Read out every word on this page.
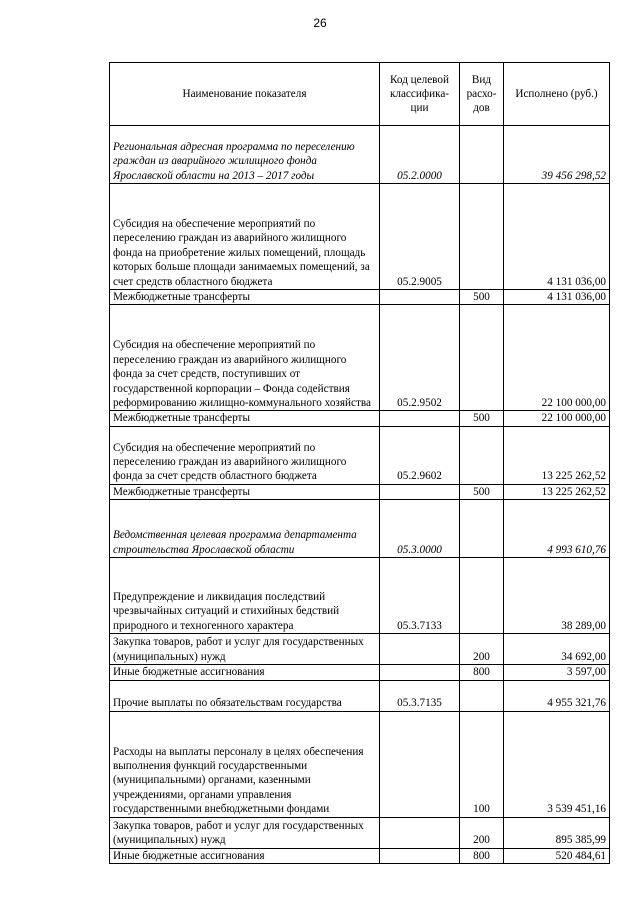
26
Наименование показателя	Код целевой классифика-ции	Вид расхо-дов	Исполнено (руб.)
Региональная адресная программа по переселению граждан из аварийного жилищного фонда Ярославской области на 2013 – 2017 годы	05.2.0000		39 456 298,52
Субсидия на обеспечение мероприятий по переселению граждан из аварийного жилищного фонда на приобретение жилых помещений, площадь которых больше площади занимаемых помещений, за счет средств областного бюджета	05.2.9005		4 131 036,00
Межбюджетные трансферты		500	4 131 036,00
Субсидия на обеспечение мероприятий по переселению граждан из аварийного жилищного фонда за счет средств, поступивших от государственной корпорации – Фонда содействия реформированию жилищно-коммунального хозяйства	05.2.9502		22 100 000,00
Межбюджетные трансферты		500	22 100 000,00
Субсидия на обеспечение мероприятий по переселению граждан из аварийного жилищного фонда за счет средств областного бюджета	05.2.9602		13 225 262,52
Межбюджетные трансферты		500	13 225 262,52
Ведомственная целевая программа департамента строительства Ярославской области	05.3.0000		4 993 610,76
Предупреждение и ликвидация последствий чрезвычайных ситуаций и стихийных бедствий природного и техногенного характера	05.3.7133		38 289,00
Закупка товаров, работ и услуг для государственных (муниципальных) нужд		200	34 692,00
Иные бюджетные ассигнования		800	3 597,00
Прочие выплаты по обязательствам государства	05.3.7135		4 955 321,76
Расходы на выплаты персоналу в целях обеспечения выполнения функций государственными (муниципальными) органами, казенными учреждениями, органами управления государственными внебюджетными фондами		100	3 539 451,16
Закупка товаров, работ и услуг для государственных (муниципальных) нужд		200	895 385,99
Иные бюджетные ассигнования		800	520 484,61
